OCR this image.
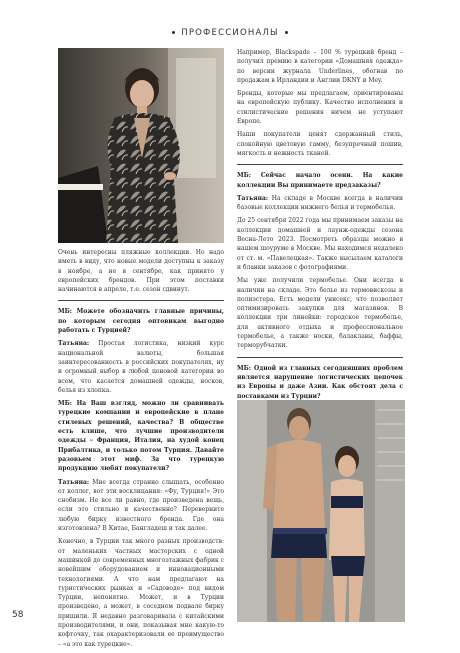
ПРОФЕССИОНАЛЫ

Очень интересны пляжные коллекции. Но надо иметь в виду, что новые модели доступны к заказу в ноябре, а не в сентябре, как принято у европейских брендов. При этом поставки начинаются в апреле, т.е. сезон сдвинут.

МБ: Можете обозначить главные причины, по которым сегодня оптовикам выгодно работать с Турцией?

Татьяна: Простая логистика, низкий курс национальной валюты, большая заинтересованность в российских покупателях, ну и огромный выбор в любой ценовой категории во всем, что касается домашней одежды, носков, белья из хлопка.

МБ: На Ваш взгляд, можно ли сравнивать турецкие компании и европейские в плане стилевых решений, качества? В обществе есть клише, что лучшие производители одежды – Франция, Италия, на худой конец Прибалтика, и только потом Турция. Давайте разовьем этот миф. За что турецкую продукцию любят покупатели?

Татьяна: Мне всегда странно слышать, особенно от коллег, вот эти восклицания: «Фу, Турция!» Это снобизм. Не все ли равно, где произведена вещь, если это стильно и качественно? Переверните любую бирку известного бренда. Где она изготовлена? В Китае, Бангладеш и так далее.

Конечно, в Турции так много разных производств: от маленьких частных мастерских с одной машинкой до современных многоэтажных фабрик с новейшим оборудованием и инновационными технологиями. А что нам предлагают на туристических рынках и «Садоводе» под видом Турции, непонятно. Может, и в Турции произведено, а может, в соседнем подвале бирку пришили. Я недавно разговаривала с китайскими производителями, и они, показывая мне какую-то кофточку, так охарактеризовали ее преимущество – «а это как турецкие».

Например, Blackspade – 100 % турецкий бренд – получил премию в категории «Домашняя одежда» по версии журнала Underlines, обогнав по продажам в Ирландии и Англии DKNY и Mey.

Бренды, которые мы предлагаем, ориентированы на европейскую публику. Качество исполнения и стилистические решения ничем не уступают Европе.

Наши покупатели ценят сдержанный стиль, спокойную цветовую гамму, безупречный пошив, мягкость и нежность тканей.

МБ: Сейчас начало осени. На какие коллекции Вы принимаете предзаказы?

Татьяна: На складе в Москве всегда в наличии базовые коллекции нижнего белья и термобелья.

До 25 сентября 2022 года мы принимаем заказы на коллекции домашней и лаунж-одежды сезона Весна-Лето 2023. Посмотреть образцы можно в нашем шоуруме в Москве. Мы находимся недалеко от ст. м. «Павелецкая». Также высылаем каталоги и бланки заказов с фотографиями.

Мы уже получили термобелье. Они всегда в наличии на складе. Это белье из термовискозы и полиэстера. Есть модели унисекс, что позволяет оптимизировать закупки для магазинов. В коллекции три линейки: городское термобелье, для активного отдыха и профессиональное термобелье, а также носки, балаклавы, баффы, терморубчатки.

МБ: Одной из главных сегодняшних проблем является нарушение логистических цепочек из Европы и даже Азии. Как обстоят дела с поставками из Турции?

58
